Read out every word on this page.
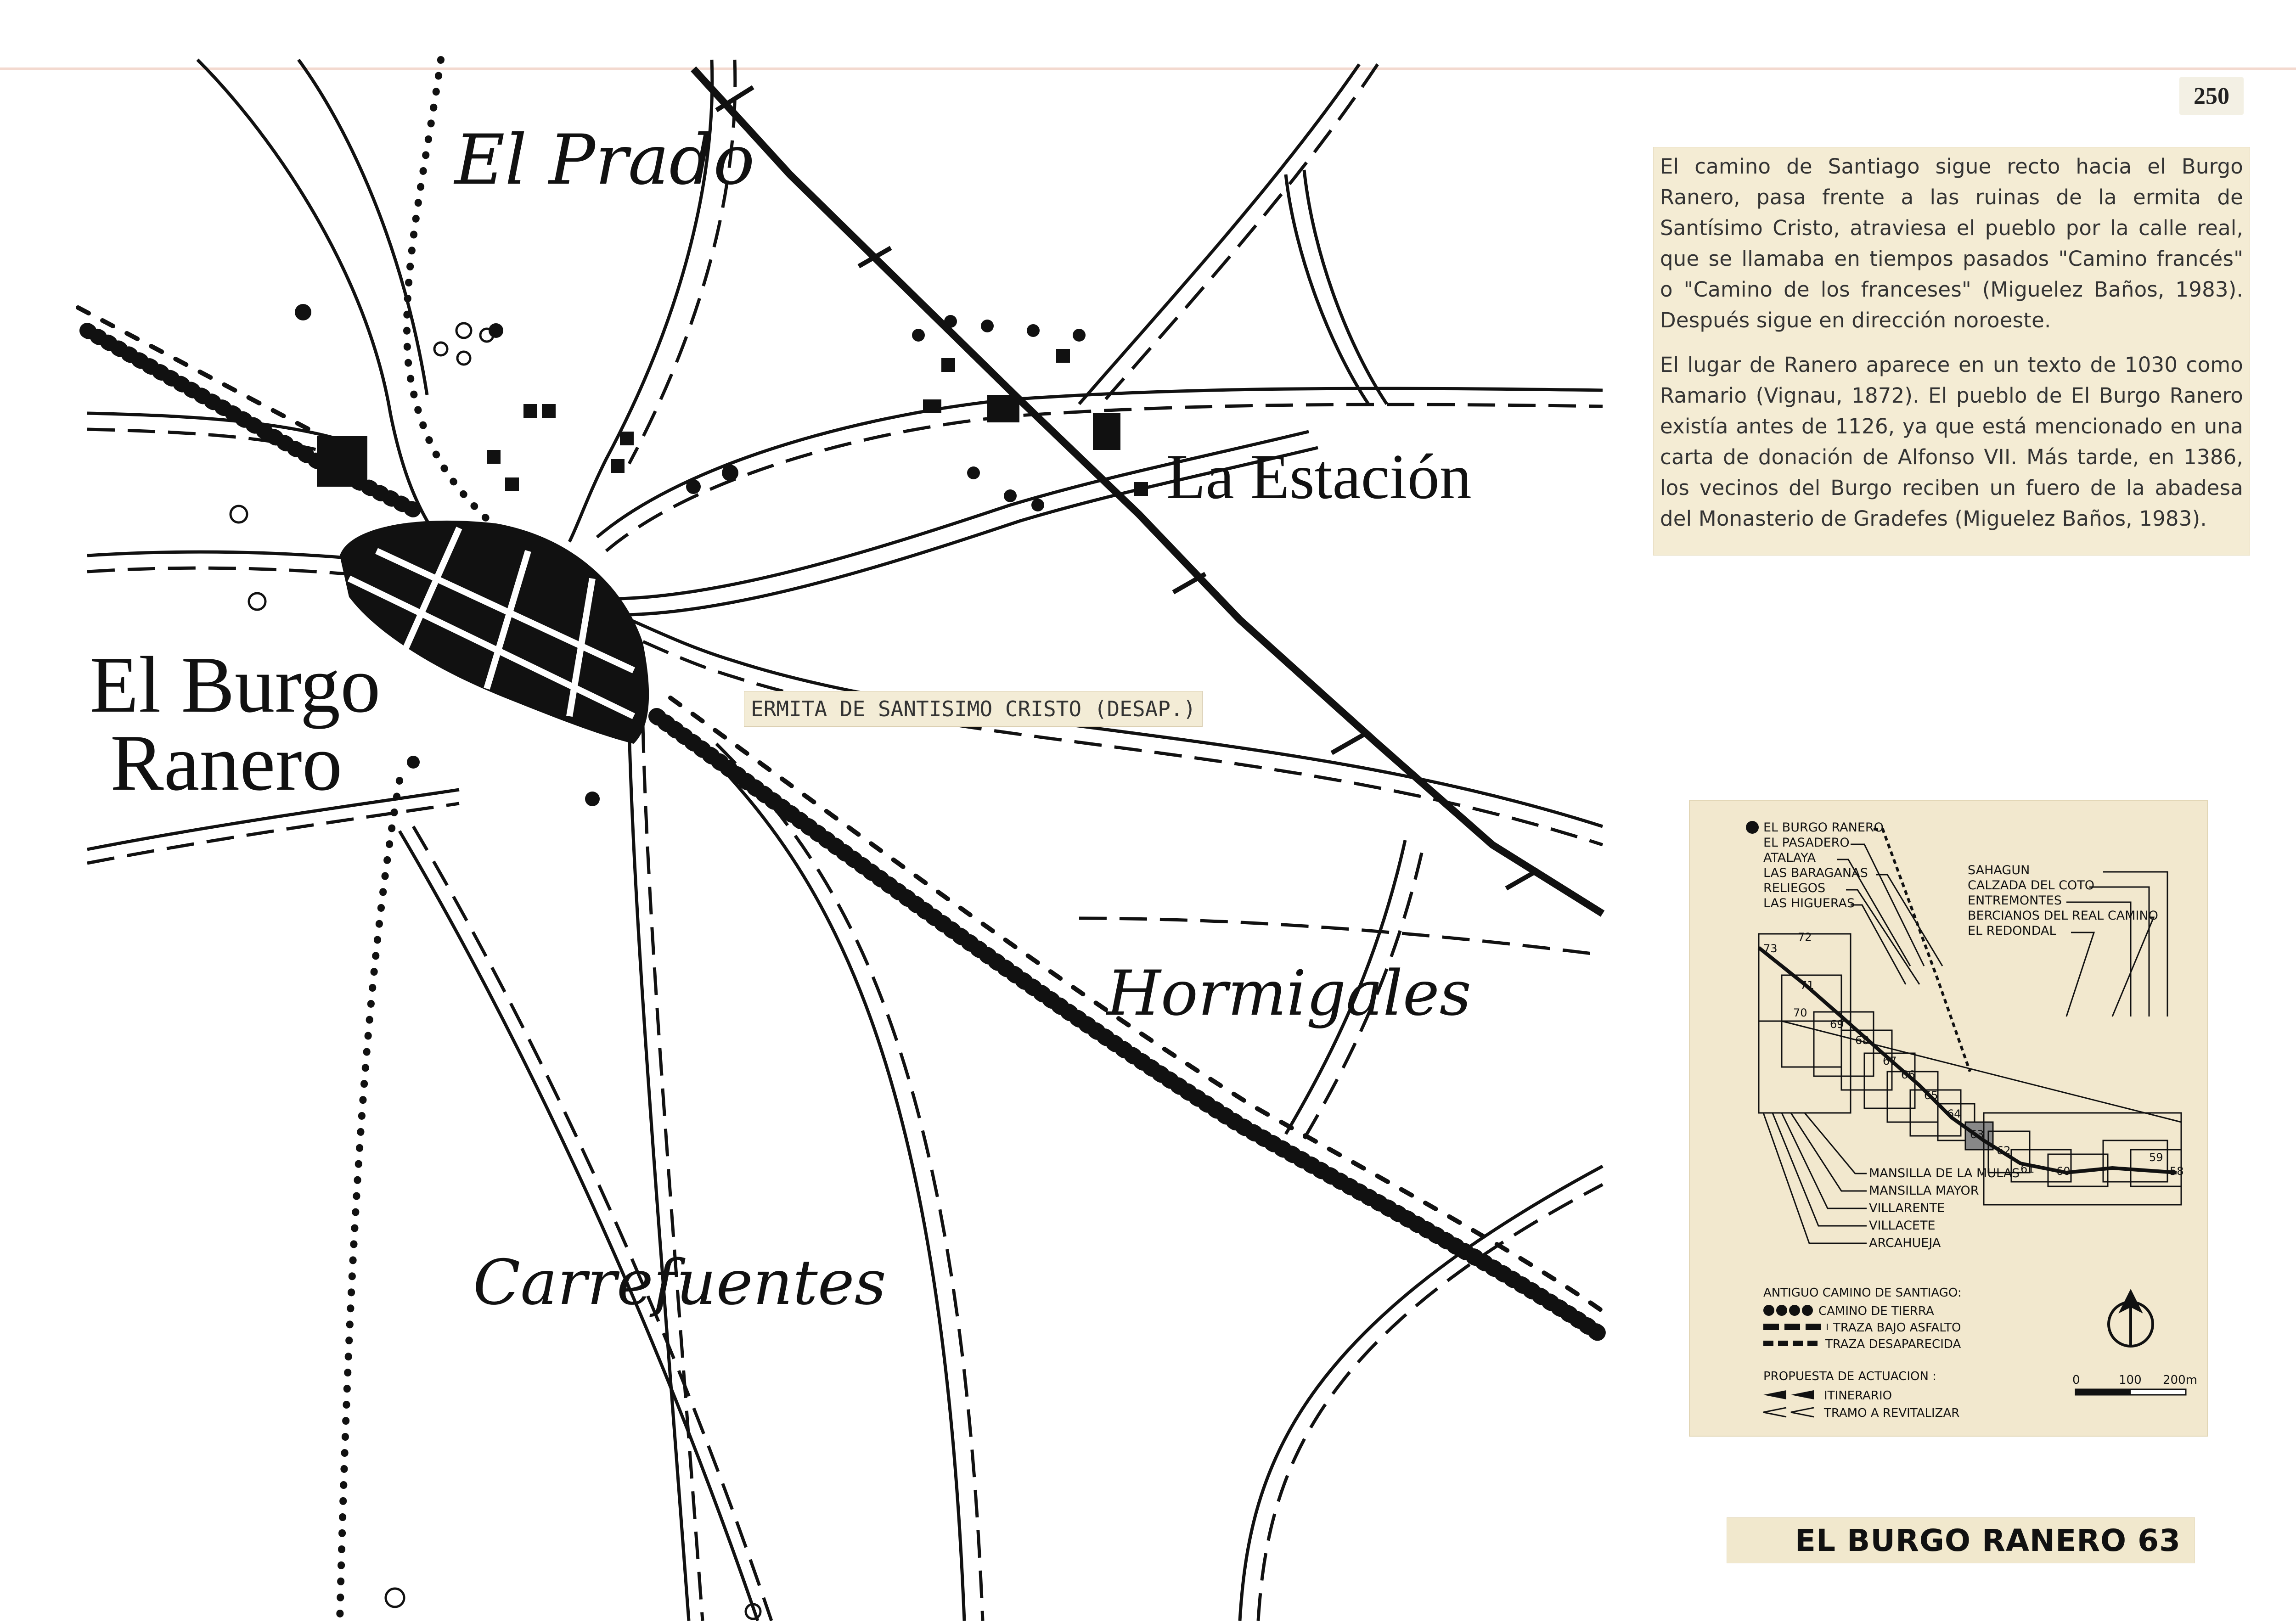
El Prado
La Estación
El Burgo
Ranero
Hormigales
Carrefuentes
ERMITA DE SANTISIMO CRISTO (DESAP.)
250

El camino de Santiago sigue recto hacia el Burgo Ranero, pasa frente a las ruinas de la ermita de Santísimo Cristo, atraviesa el pueblo por la calle real, que se llamaba en tiempos pasados "Camino francés" o "Camino de los franceses" (Miguelez Baños, 1983). Después sigue en dirección noroeste.

El lugar de Ranero aparece en un texto de 1030 como Ramario (Vignau, 1872). El pueblo de El Burgo Ranero existía antes de 1126, ya que está mencionado en una carta de donación de Alfonso VII. Más tarde, en 1386, los vecinos del Burgo reciben un fuero de la abadesa del Monasterio de Gradefes (Miguelez Baños, 1983).

EL BURGO RANERO
EL PASADERO
ATALAYA
LAS BARAGANAS
RELIEGOS
LAS HIGUERAS
SAHAGUN
CALZADA DEL COTO
ENTREMONTES
BERCIANOS DEL REAL CAMINO
EL REDONDAL
MANSILLA DE LA MULAS
MANSILLA MAYOR
VILLARENTE
VILLACETE
ARCAHUEJA
73
72
71
70
69
68
67
66
65
64
63
62
61 60
59
58
ANTIGUO CAMINO DE SANTIAGO:
CAMINO DE TIERRA
TRAZA BAJO ASFALTO
TRAZA DESAPARECIDA
PROPUESTA DE ACTUACION :
ITINERARIO
TRAMO A REVITALIZAR
0	100 200m
EL BURGO RANERO 63
